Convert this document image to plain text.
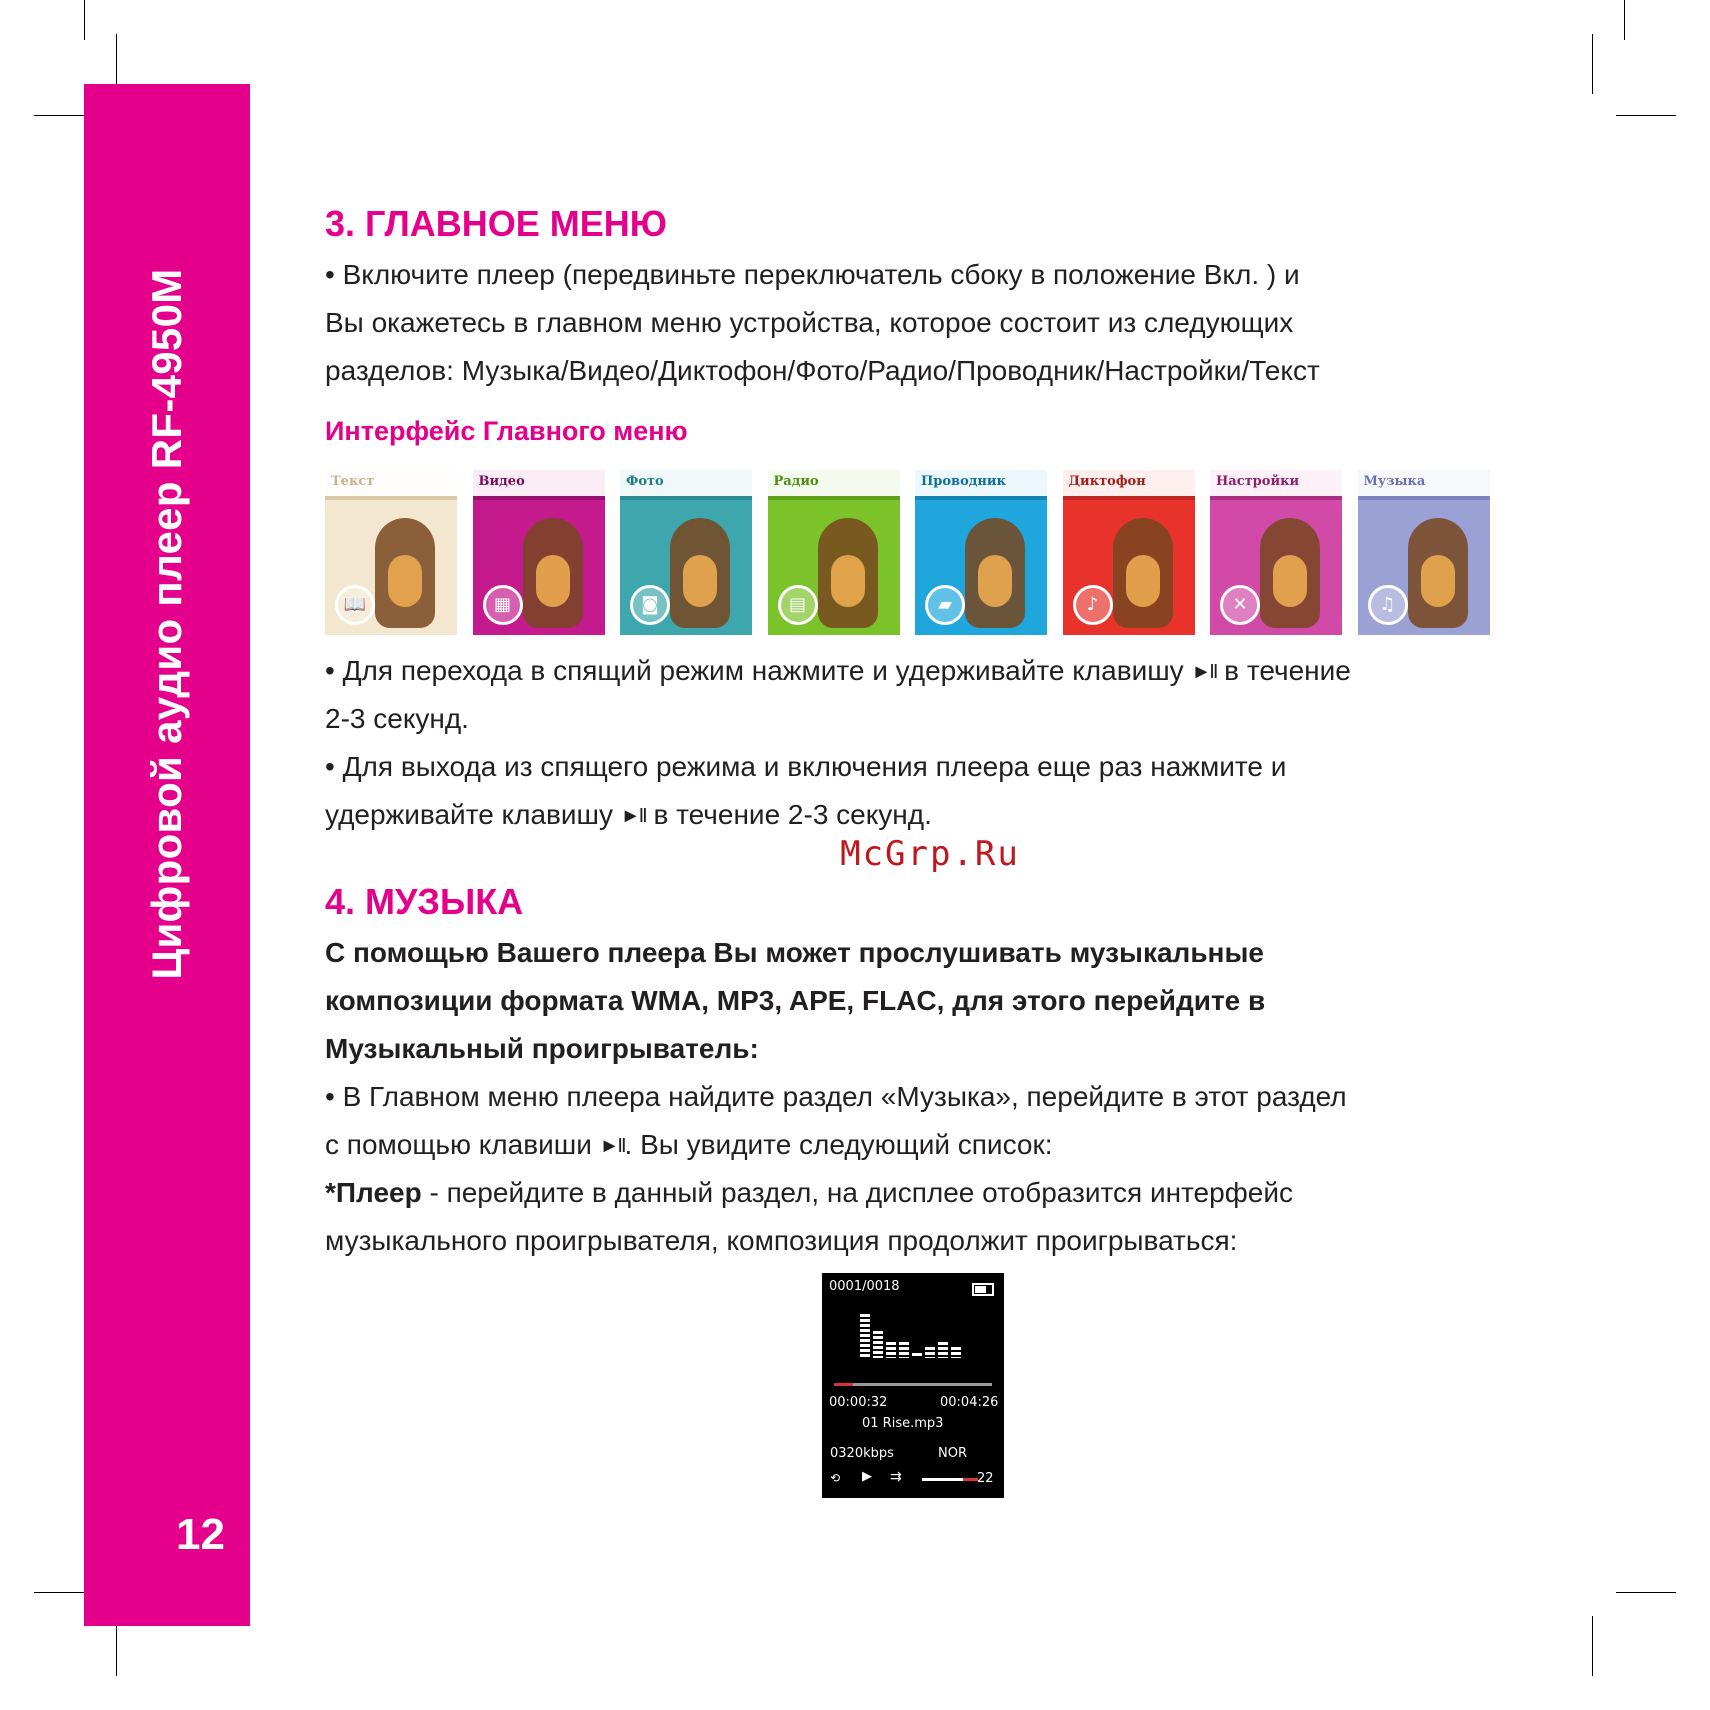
Цифровой аудио плеер RF-4950M
12
3. ГЛАВНОЕ МЕНЮ
• Включите плеер (передвиньте переключатель сбоку в положение Вкл. ) и
Вы окажетесь в главном меню устройства, которое состоит из следующих
разделов: Музыка/Видео/Диктофон/Фото/Радио/Проводник/Настройки/Текст
Интерфейс Главного меню
Текст
📖
Видео
▦
Фото
◙
Радио
▤
Проводник
▰
Диктофон
♪
Настройки
✕
Музыка
♫
• Для перехода в спящий режим нажмите и удерживайте клавишу ►II в течение
2-3 секунд.
• Для выхода из спящего режима и включения плеера еще раз нажмите и
удерживайте клавишу ►II в течение 2-3 секунд.
McGrp.Ru
4. МУЗЫКА
С помощью Вашего плеера Вы может прослушивать музыкальные
композиции формата WMA, MP3, APE, FLAC, для этого перейдите в
Музыкальный проигрыватель:
• В Главном меню плеера найдите раздел «Музыка», перейдите в этот раздел
с помощью клавиши ►II. Вы увидите следующий список:
*Плеер - перейдите в данный раздел, на дисплее отобразится интерфейс
музыкального проигрывателя, композиция продолжит проигрываться:
0001/0018
00:00:32	00:04:26
01 Rise.mp3
0320kbps	NOR
⟲ ▶ ⇉	22
